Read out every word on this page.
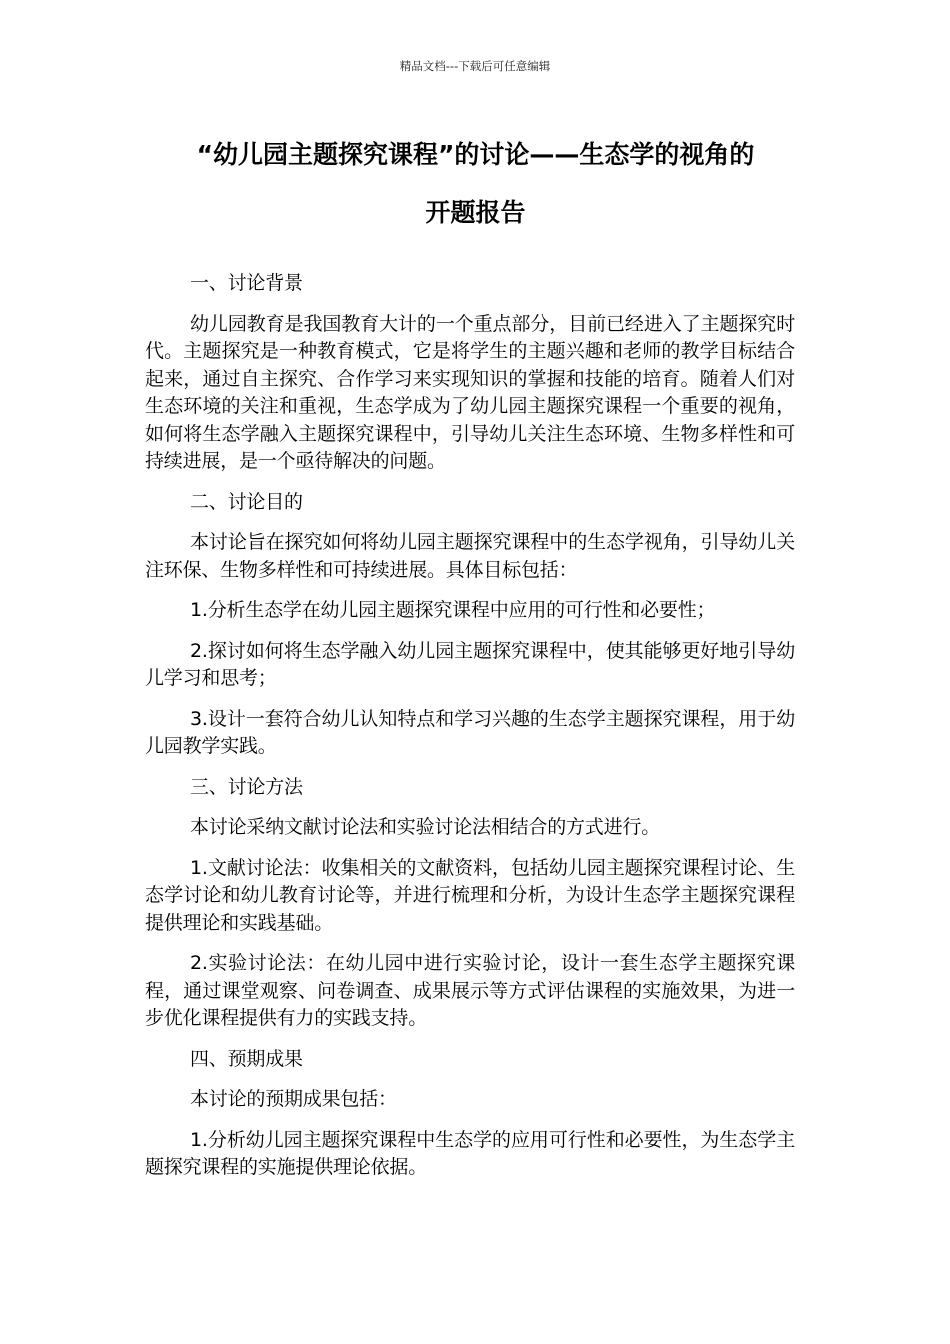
精品文档---下载后可任意编辑
“幼儿园主题探究课程”的讨论——生态学的视角的
开题报告

一、讨论背景

幼儿园教育是我国教育大计的一个重点部分，目前已经进入了主题探究时代。主题探究是一种教育模式，它是将学生的主题兴趣和老师的教学目标结合起来，通过自主探究、合作学习来实现知识的掌握和技能的培育。随着人们对生态环境的关注和重视，生态学成为了幼儿园主题探究课程一个重要的视角，如何将生态学融入主题探究课程中，引导幼儿关注生态环境、生物多样性和可持续进展，是一个亟待解决的问题。

二、讨论目的

本讨论旨在探究如何将幼儿园主题探究课程中的生态学视角，引导幼儿关注环保、生物多样性和可持续进展。具体目标包括：

1.分析生态学在幼儿园主题探究课程中应用的可行性和必要性；

2.探讨如何将生态学融入幼儿园主题探究课程中，使其能够更好地引导幼儿学习和思考；

3.设计一套符合幼儿认知特点和学习兴趣的生态学主题探究课程，用于幼儿园教学实践。

三、讨论方法

本讨论采纳文献讨论法和实验讨论法相结合的方式进行。

1.文献讨论法：收集相关的文献资料，包括幼儿园主题探究课程讨论、生态学讨论和幼儿教育讨论等，并进行梳理和分析，为设计生态学主题探究课程提供理论和实践基础。

2.实验讨论法：在幼儿园中进行实验讨论，设计一套生态学主题探究课程，通过课堂观察、问卷调查、成果展示等方式评估课程的实施效果，为进一步优化课程提供有力的实践支持。

四、预期成果

本讨论的预期成果包括：

1.分析幼儿园主题探究课程中生态学的应用可行性和必要性，为生态学主题探究课程的实施提供理论依据。
